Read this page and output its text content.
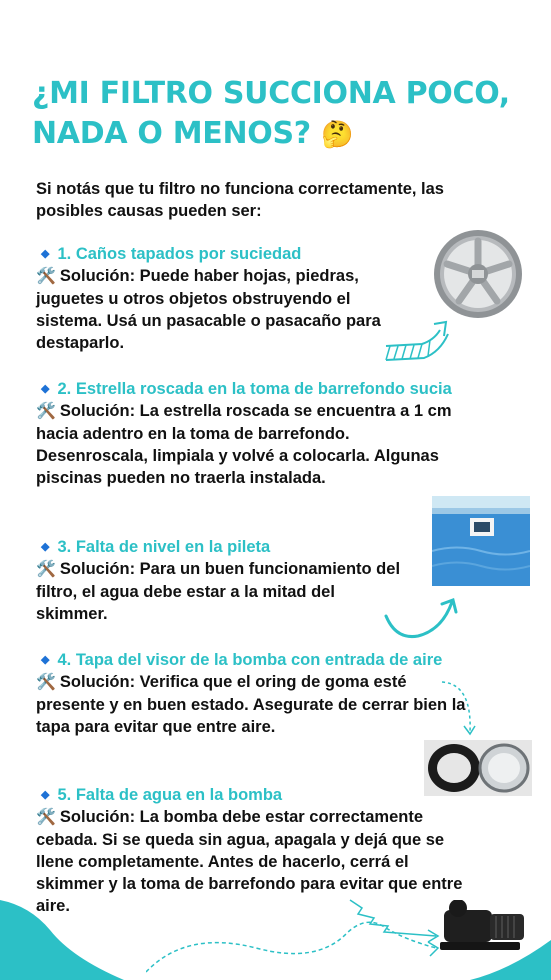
¿MI FILTRO SUCCIONA POCO, NADA O MENOS? 🤔

Si notás que tu filtro no funciona correctamente, las posibles causas pueden ser:

◆ 1. Caños tapados por suciedad
🛠️ Solución: Puede haber hojas, piedras, juguetes u otros objetos obstruyendo el sistema. Usá un pasacable o pasacaño para destaparlo.
◆ 2. Estrella roscada en la toma de barrefondo sucia
🛠️ Solución: La estrella roscada se encuentra a 1 cm hacia adentro en la toma de barrefondo. Desenroscala, limpiala y volvé a colocarla. Algunas piscinas pueden no traerla instalada.
◆ 3. Falta de nivel en la pileta
🛠️ Solución: Para un buen funcionamiento del filtro, el agua debe estar a la mitad del skimmer.
◆ 4. Tapa del visor de la bomba con entrada de aire
🛠️ Solución: Verifica que el oring de goma esté presente y en buen estado. Asegurate de cerrar bien la tapa para evitar que entre aire.
◆ 5. Falta de agua en la bomba
🛠️ Solución: La bomba debe estar correctamente cebada. Si se queda sin agua, apagala y dejá que se llene completamente. Antes de hacerlo, cerrá el skimmer y la toma de barrefondo para evitar que entre aire.
